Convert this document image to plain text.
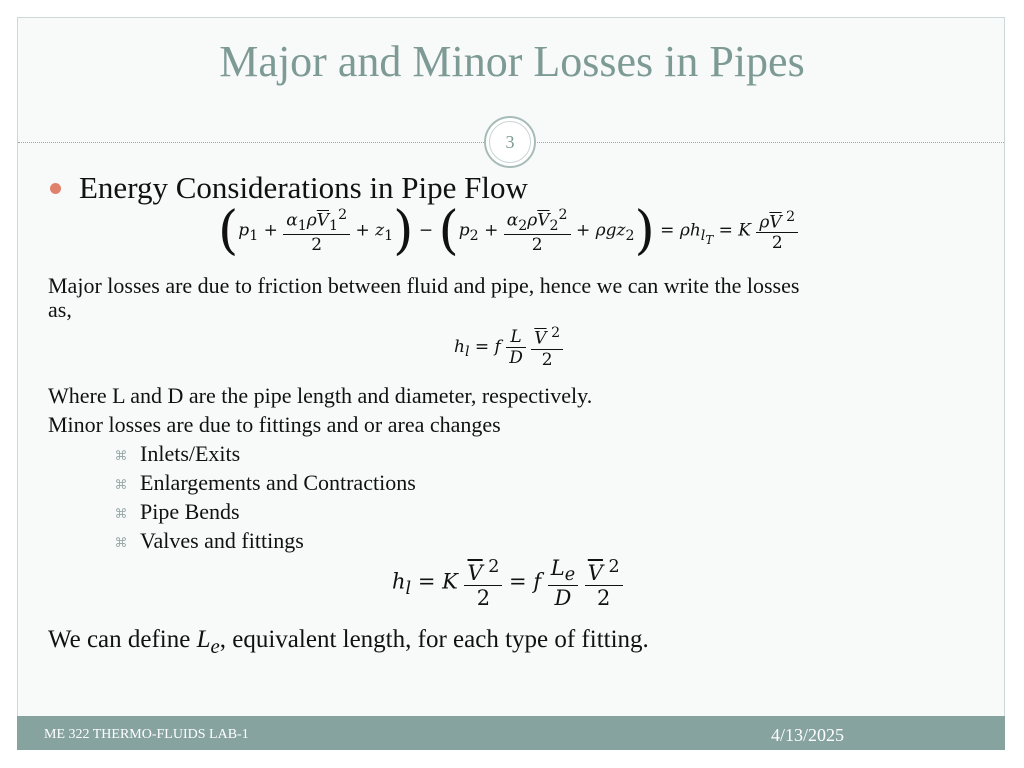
Major and Minor Losses in Pipes
3
Energy Considerations in Pipe Flow
$(p_1 + \frac{\alpha_1\rho\overline{V}_1^2}{2} + z_1) - (p_2 + \frac{\alpha_2\rho\overline{V}_2^2}{2} + \rho gz_2) = \rho h_{l_T} = K \frac{\rho\overline{V} ^2}{2}$
Major losses are due to friction between fluid and pipe, hence we can write the losses
as,
$h_l = f \frac{L}{D}$
$\frac{\overline{V} ^2}{2}$
Where L and D are the pipe length and diameter, respectively.
Minor losses are due to fittings and or area changes
⌘ Inlets/Exits
⌘ Enlargements and Contractions
⌘ Pipe Bends
⌘ Valves and fittings
$h_l = K \frac{\overline{V} ^2}{2} = f \frac{L_e}{D}$
$\frac{\overline{V} ^2}{2}$
We can define $L_e$, equivalent length, for each type of fitting.
ME 322 THERMO-FLUIDS LAB-1	4/13/2025
